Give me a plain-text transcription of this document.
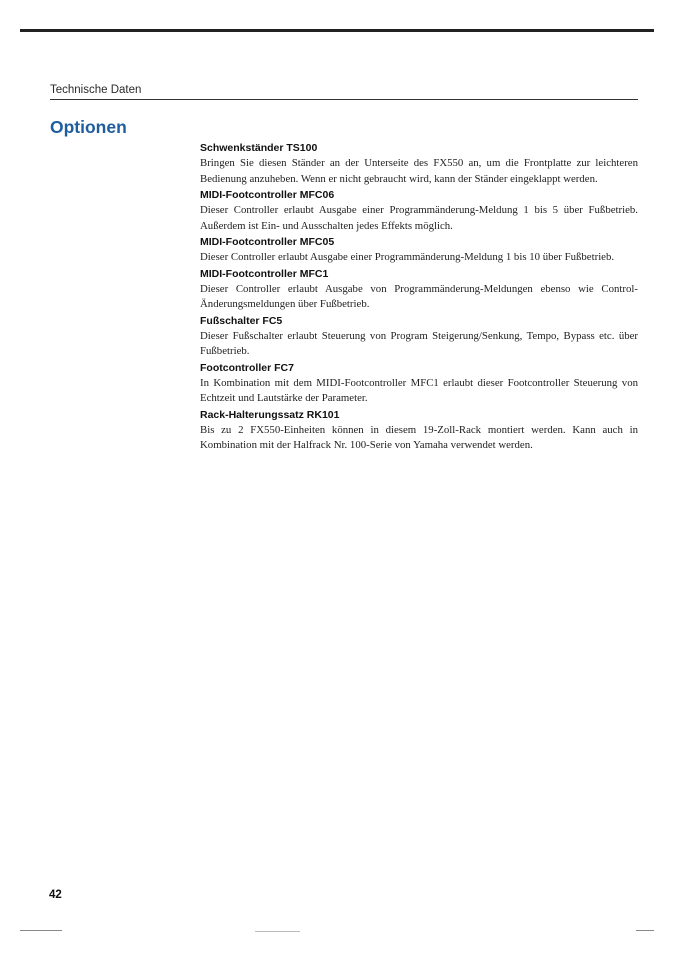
Technische Daten
Optionen
Schwenkständer TS100

Bringen Sie diesen Ständer an der Unterseite des FX550 an, um die Frontplatte zur leichteren Bedienung anzuheben. Wenn er nicht gebraucht wird, kann der Ständer eingeklappt werden.

MIDI-Footcontroller MFC06

Dieser Controller erlaubt Ausgabe einer Programmänderung-Meldung 1 bis 5 über Fußbetrieb. Außerdem ist Ein- und Ausschalten jedes Effekts möglich.

MIDI-Footcontroller MFC05

Dieser Controller erlaubt Ausgabe einer Programmänderung-Meldung 1 bis 10 über Fußbetrieb.

MIDI-Footcontroller MFC1

Dieser Controller erlaubt Ausgabe von Programmänderung-Meldungen ebenso wie Control-Änderungsmeldungen über Fußbetrieb.

Fußschalter FC5

Dieser Fußschalter erlaubt Steuerung von Program Steigerung/Senkung, Tempo, Bypass etc. über Fußbetrieb.

Footcontroller FC7

In Kombination mit dem MIDI-Footcontroller MFC1 erlaubt dieser Footcontroller Steuerung von Echtzeit und Lautstärke der Parameter.

Rack-Halterungssatz RK101

Bis zu 2 FX550-Einheiten können in diesem 19-Zoll-Rack montiert werden. Kann auch in Kombination mit der Halfrack Nr. 100-Serie von Yamaha verwendet werden.

42
